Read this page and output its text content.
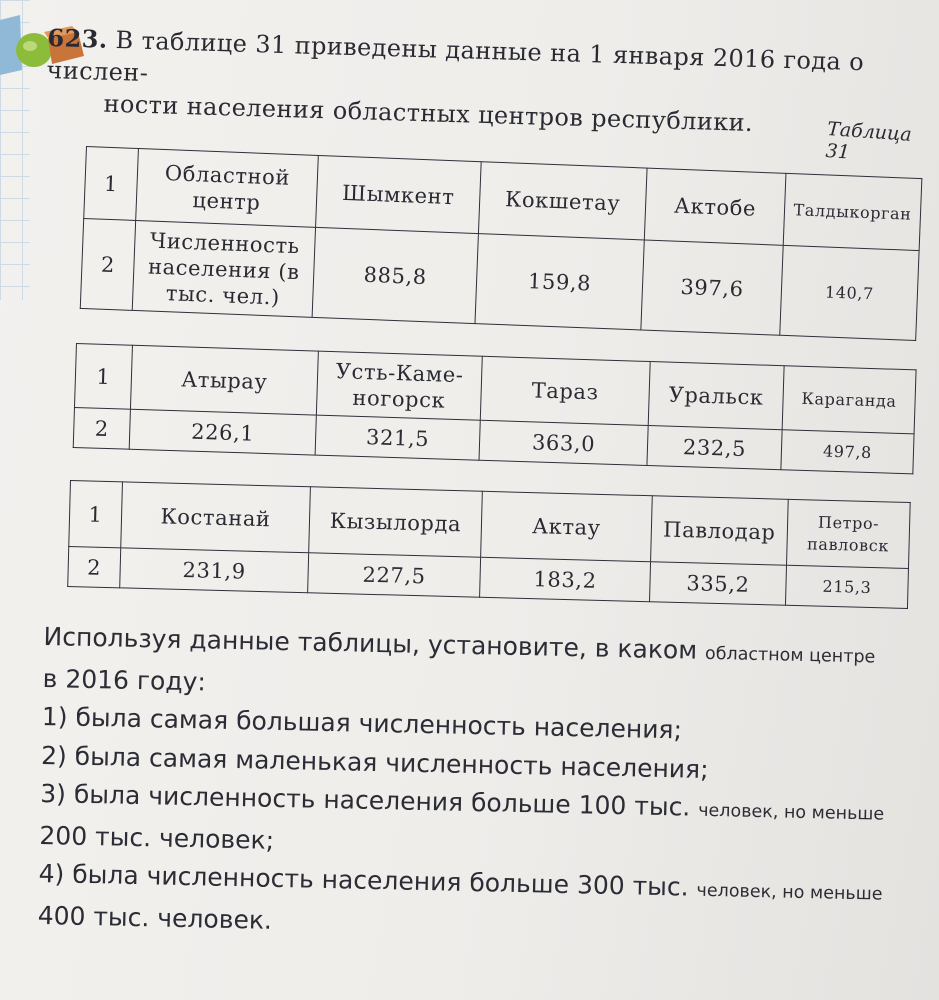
623. В таблице 31 приведены данные на 1 января 2016 года о числен-
ности населения областных центров республики.	Таблица 31
1	Областной центр	Шымкент	Кокшетау	Актобе	Талдыкорган
2	Численность населения (в тыс. чел.)	885,8	159,8	397,6	140,7
1	Атырау	Усть-Каме-ногорск	Тараз	Уральск	Караганда
2	226,1	321,5	363,0	232,5	497,8
1	Костанай	Кызылорда	Актау	Павлодар	Петро-павловск
2	231,9	227,5	183,2	335,2	215,3
Используя данные таблицы, установите, в каком областном центре
в 2016 году:
1) была самая большая численность населения;
2) была самая маленькая численность населения;
3) была численность населения больше 100 тыс. человек, но меньше
200 тыс. человек;
4) была численность населения больше 300 тыс. человек, но меньше
400 тыс. человек.
